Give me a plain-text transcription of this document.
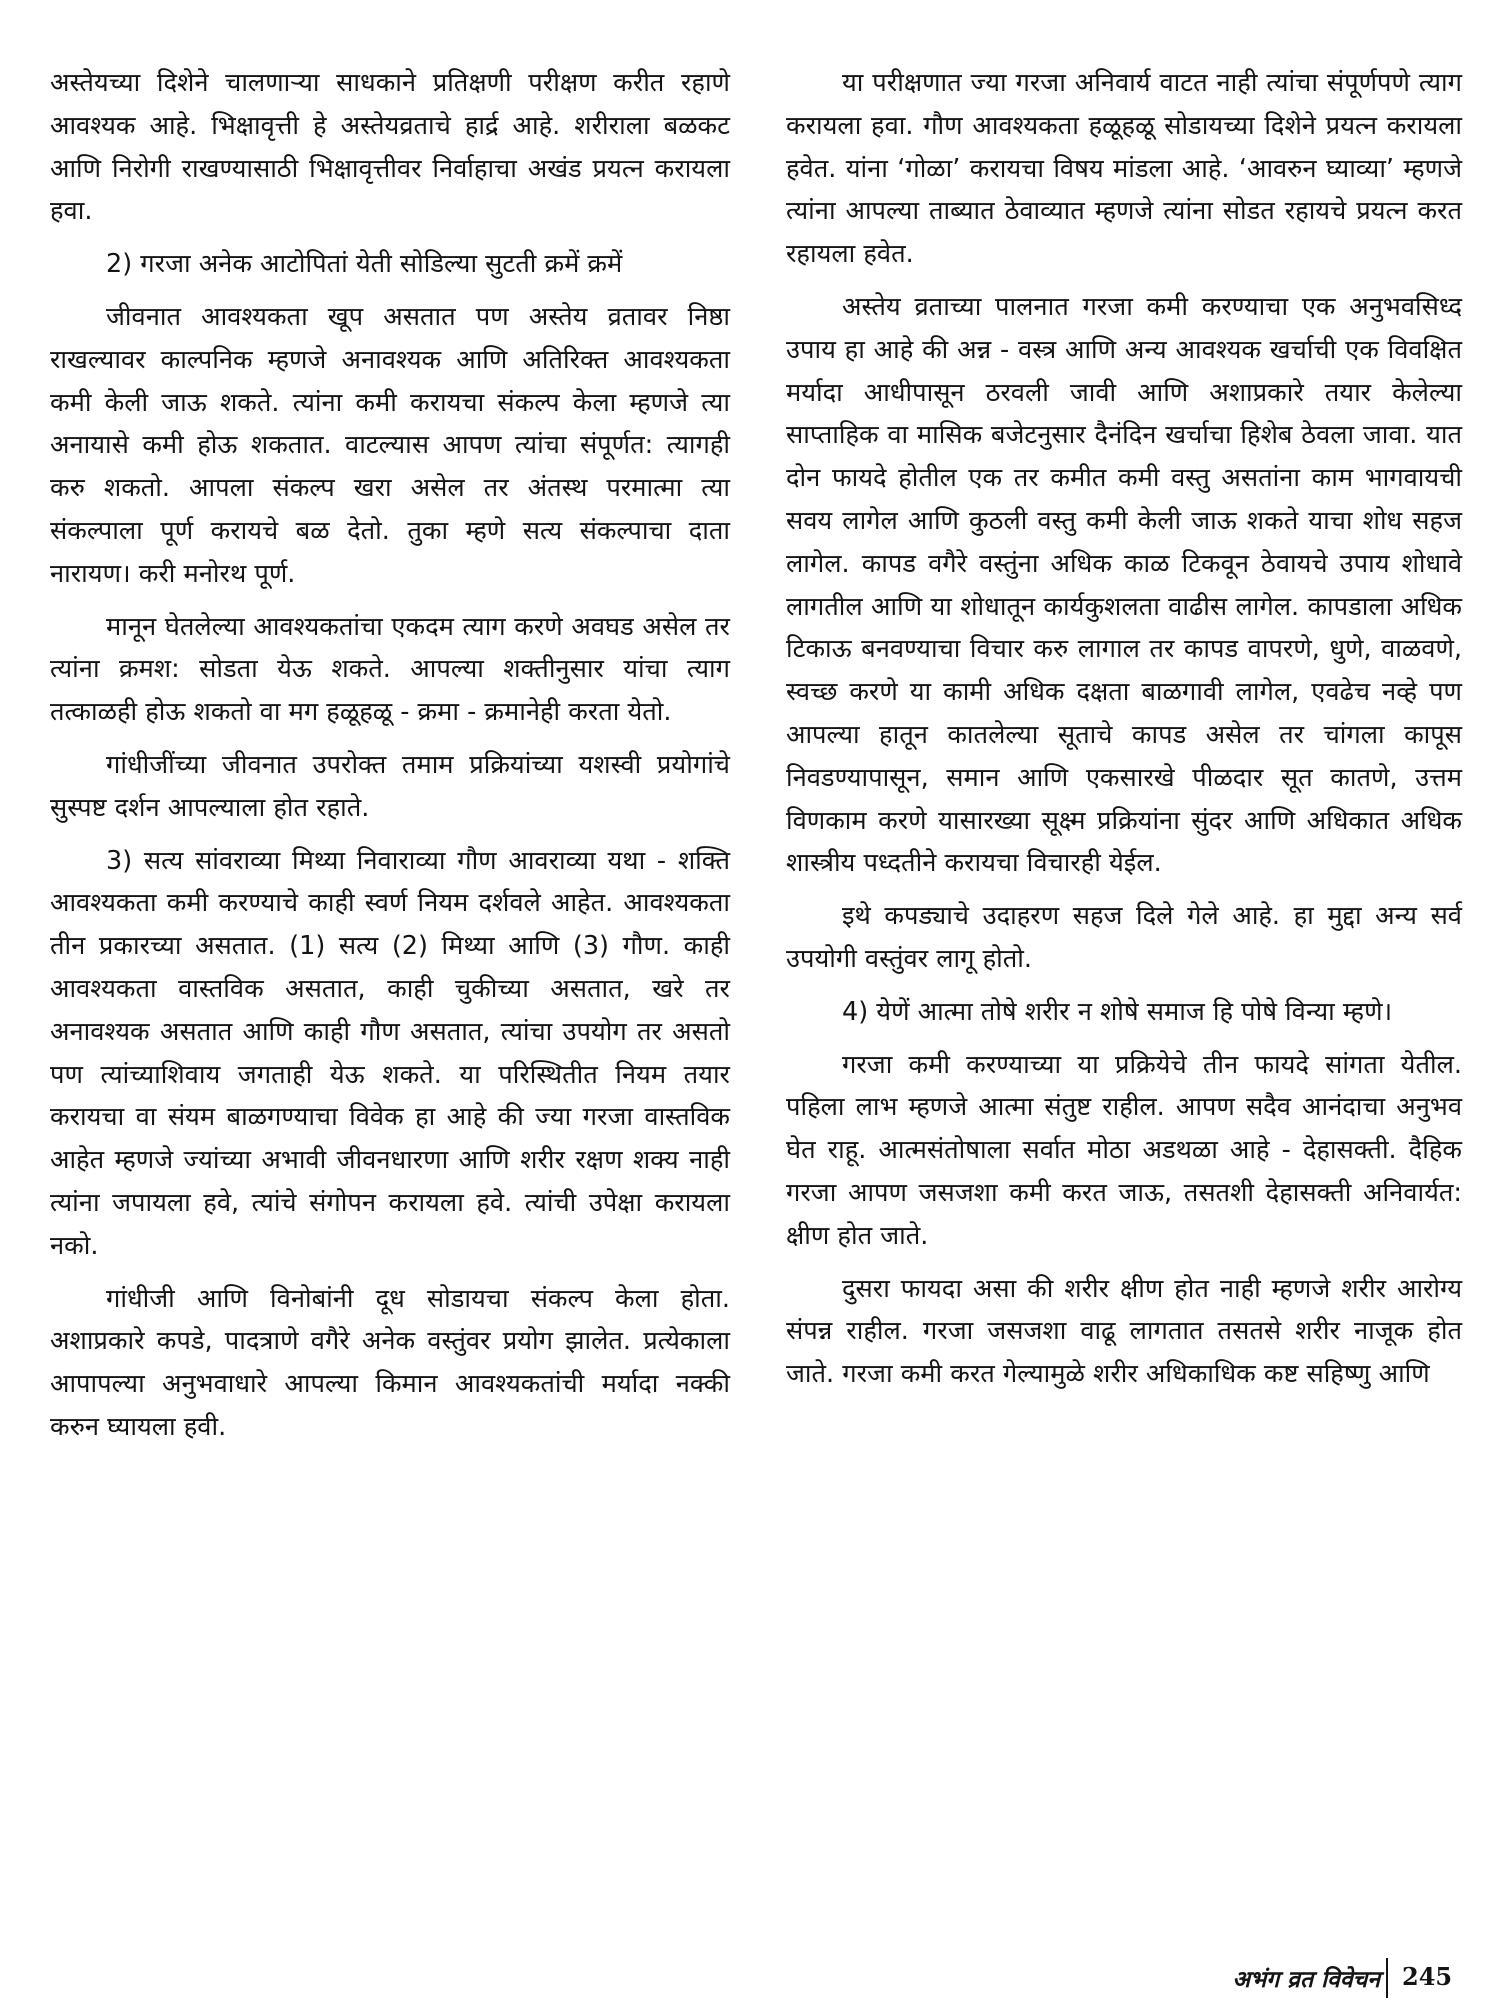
अस्तेयच्या दिशेने चालणाऱ्या साधकाने प्रतिक्षणी परीक्षण करीत रहाणे आवश्यक आहे. भिक्षावृत्ती हे अस्तेयव्रताचे हार्द्र आहे. शरीराला बळकट आणि निरोगी राखण्यासाठी भिक्षावृत्तीवर निर्वाहाचा अखंड प्रयत्न करायला हवा.

2) गरजा अनेक आटोपितां येती सोडिल्या सुटती क्रमें क्रमें

जीवनात आवश्यकता खूप असतात पण अस्तेय व्रतावर निष्ठा राखल्यावर काल्पनिक म्हणजे अनावश्यक आणि अतिरिक्त आवश्यकता कमी केली जाऊ शकते. त्यांना कमी करायचा संकल्प केला म्हणजे त्या अनायासे कमी होऊ शकतात. वाटल्यास आपण त्यांचा संपूर्णत: त्यागही करु शकतो. आपला संकल्प खरा असेल तर अंतस्थ परमात्मा त्या संकल्पाला पूर्ण करायचे बळ देतो. तुका म्हणे सत्य संकल्पाचा दाता नारायण। करी मनोरथ पूर्ण.

मानून घेतलेल्या आवश्यकतांचा एकदम त्याग करणे अवघड असेल तर त्यांना क्रमश: सोडता येऊ शकते. आपल्या शक्तीनुसार यांचा त्याग तत्काळही होऊ शकतो वा मग हळूहळू - क्रमा - क्रमानेही करता येतो.

गांधीजींच्या जीवनात उपरोक्त तमाम प्रक्रियांच्या यशस्वी प्रयोगांचे सुस्पष्ट दर्शन आपल्याला होत रहाते.

3) सत्य सांवराव्या मिथ्या निवाराव्या गौण आवराव्या यथा - शक्ति आवश्यकता कमी करण्याचे काही स्वर्ण नियम दर्शवले आहेत. आवश्यकता तीन प्रकारच्या असतात. (1) सत्य (2) मिथ्या आणि (3) गौण. काही आवश्यकता वास्तविक असतात, काही चुकीच्या असतात, खरे तर अनावश्यक असतात आणि काही गौण असतात, त्यांचा उपयोग तर असतो पण त्यांच्याशिवाय जगताही येऊ शकते. या परिस्थितीत नियम तयार करायचा वा संयम बाळगण्याचा विवेक हा आहे की ज्या गरजा वास्तविक आहेत म्हणजे ज्यांच्या अभावी जीवनधारणा आणि शरीर रक्षण शक्य नाही त्यांना जपायला हवे, त्यांचे संगोपन करायला हवे. त्यांची उपेक्षा करायला नको.

गांधीजी आणि विनोबांनी दूध सोडायचा संकल्प केला होता. अशाप्रकारे कपडे, पादत्राणे वगैरे अनेक वस्तुंवर प्रयोग झालेत. प्रत्येकाला आपापल्या अनुभवाधारे आपल्या किमान आवश्यकतांची मर्यादा नक्की करुन घ्यायला हवी.

या परीक्षणात ज्या गरजा अनिवार्य वाटत नाही त्यांचा संपूर्णपणे त्याग करायला हवा. गौण आवश्यकता हळूहळू सोडायच्या दिशेने प्रयत्न करायला हवेत. यांना ‘गोळा’ करायचा विषय मांडला आहे. ‘आवरुन घ्याव्या’ म्हणजे त्यांना आपल्या ताब्यात ठेवाव्यात म्हणजे त्यांना सोडत रहायचे प्रयत्न करत रहायला हवेत.

अस्तेय व्रताच्या पालनात गरजा कमी करण्याचा एक अनुभवसिध्द उपाय हा आहे की अन्न - वस्त्र आणि अन्य आवश्यक खर्चाची एक विवक्षित मर्यादा आधीपासून ठरवली जावी आणि अशाप्रकारे तयार केलेल्या साप्ताहिक वा मासिक बजेटनुसार दैनंदिन खर्चाचा हिशेब ठेवला जावा. यात दोन फायदे होतील एक तर कमीत कमी वस्तु असतांना काम भागवायची सवय लागेल आणि कुठली वस्तु कमी केली जाऊ शकते याचा शोध सहज लागेल. कापड वगैरे वस्तुंना अधिक काळ टिकवून ठेवायचे उपाय शोधावे लागतील आणि या शोधातून कार्यकुशलता वाढीस लागेल. कापडाला अधिक टिकाऊ बनवण्याचा विचार करु लागाल तर कापड वापरणे, धुणे, वाळवणे, स्वच्छ करणे या कामी अधिक दक्षता बाळगावी लागेल, एवढेच नव्हे पण आपल्या हातून कातलेल्या सूताचे कापड असेल तर चांगला कापूस निवडण्यापासून, समान आणि एकसारखे पीळदार सूत कातणे, उत्तम विणकाम करणे यासारख्या सूक्ष्म प्रक्रियांना सुंदर आणि अधिकात अधिक शास्त्रीय पध्दतीने करायचा विचारही येईल.

इथे कपड्याचे उदाहरण सहज दिले गेले आहे. हा मुद्दा अन्य सर्व उपयोगी वस्तुंवर लागू होतो.

4) येणें आत्मा तोषे शरीर न शोषे समाज हि पोषे विन्या म्हणे।

गरजा कमी करण्याच्या या प्रक्रियेचे तीन फायदे सांगता येतील. पहिला लाभ म्हणजे आत्मा संतुष्ट राहील. आपण सदैव आनंदाचा अनुभव घेत राहू. आत्मसंतोषाला सर्वात मोठा अडथळा आहे - देहासक्ती. दैहिक गरजा आपण जसजशा कमी करत जाऊ, तसतशी देहासक्ती अनिवार्यत: क्षीण होत जाते.

दुसरा फायदा असा की शरीर क्षीण होत नाही म्हणजे शरीर आरोग्य संपन्न राहील. गरजा जसजशा वाढू लागतात तसतसे शरीर नाजूक होत जाते. गरजा कमी करत गेल्यामुळे शरीर अधिकाधिक कष्ट सहिष्णु आणि

अभंग व्रत विवेचन 245
